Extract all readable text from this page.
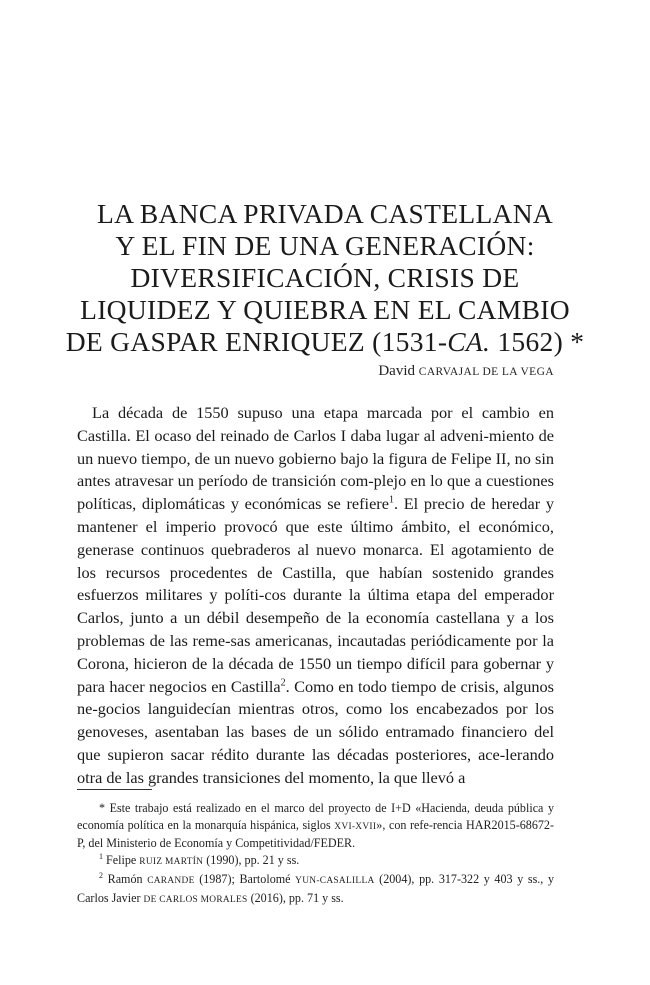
LA BANCA PRIVADA CASTELLANA
Y EL FIN DE UNA GENERACIÓN:
DIVERSIFICACIÓN, CRISIS DE
LIQUIDEZ Y QUIEBRA EN EL CAMBIO
DE GASPAR ENRIQUEZ (1531-CA. 1562) *
David CARVAJAL DE LA VEGA

La década de 1550 supuso una etapa marcada por el cambio en Castilla. El ocaso del reinado de Carlos I daba lugar al adveni-miento de un nuevo tiempo, de un nuevo gobierno bajo la figura de Felipe II, no sin antes atravesar un período de transición com-plejo en lo que a cuestiones políticas, diplomáticas y económicas se refiere$^1$. El precio de heredar y mantener el imperio provocó que este último ámbito, el económico, generase continuos quebraderos al nuevo monarca. El agotamiento de los recursos procedentes de Castilla, que habían sostenido grandes esfuerzos militares y políti-cos durante la última etapa del emperador Carlos, junto a un débil desempeño de la economía castellana y a los problemas de las reme-sas americanas, incautadas periódicamente por la Corona, hicieron de la década de 1550 un tiempo difícil para gobernar y para hacer negocios en Castilla$^2$. Como en todo tiempo de crisis, algunos ne-gocios languidecían mientras otros, como los encabezados por los genoveses, asentaban las bases de un sólido entramado financiero del que supieron sacar rédito durante las décadas posteriores, ace-lerando otra de las grandes transiciones del momento, la que llevó a

* Este trabajo está realizado en el marco del proyecto de I+D «Hacienda, deuda pública y economía política en la monarquía hispánica, siglos XVI-XVII», con refe-rencia HAR2015-68672-P, del Ministerio de Economía y Competitividad/FEDER.

$^1$ Felipe RUIZ MARTÍN (1990), pp. 21 y ss.

$^2$ Ramón CARANDE (1987); Bartolomé YUN-CASALILLA (2004), pp. 317-322 y 403 y ss., y Carlos Javier DE CARLOS MORALES (2016), pp. 71 y ss.
